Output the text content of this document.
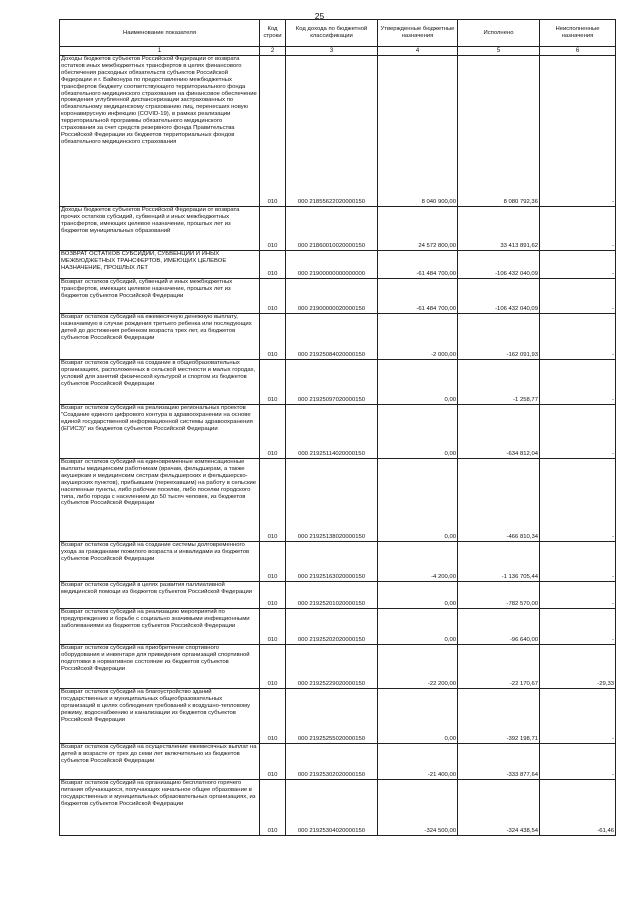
25
Наименование показателя	Код строки	Код дохода по бюджетной классификации	Утвержденные бюджетные назначения	Исполнено	Неисполненные назначения
1	2	3	4	5	6
Доходы бюджетов субъектов Российской Федерации от возврата остатков иных межбюджетных трансфертов в целях финансового обеспечения расходных обязательств субъектов Российской Федерации и г. Байконура по предоставлению межбюджетных трансфертов бюджету соответствующего территориального фонда обязательного медицинского страхования на финансовое обеспечение проведения углубленной диспансеризации застрахованных по обязательному медицинскому страхованию лиц, перенесших новую коронавирусную инфекцию (COVID-19), в рамках реализации территориальной программы обязательного медицинского страхования за счет средств резервного фонда Правительства Российской Федерации из бюджетов территориальных фондов обязательного медицинского страхования	010	000 21855622020000150	8 040 900,00	8 080 792,36	-
Доходы бюджетов субъектов Российской Федерации от возврата прочих остатков субсидий, субвенций и иных межбюджетных трансфертов, имеющих целевое назначение, прошлых лет из бюджетов муниципальных образований	010	000 21860010020000150	24 572 800,00	33 413 891,62	-
ВОЗВРАТ ОСТАТКОВ СУБСИДИЙ, СУБВЕНЦИЙ И ИНЫХ МЕЖБЮДЖЕТНЫХ ТРАНСФЕРТОВ, ИМЕЮЩИХ ЦЕЛЕВОЕ НАЗНАЧЕНИЕ, ПРОШЛЫХ ЛЕТ	010	000 21900000000000000	-61 484 700,00	-106 432 040,09	-
Возврат остатков субсидий, субвенций и иных межбюджетных трансфертов, имеющих целевое назначение, прошлых лет из бюджетов субъектов Российской Федерации	010	000 21900000020000150	-61 484 700,00	-106 432 040,09	-
Возврат остатков субсидий на ежемесячную денежную выплату, назначаемую в случае рождения третьего ребенка или последующих детей до достижения ребенком возраста трех лет, из бюджетов субъектов Российской Федерации	010	000 21925084020000150	-2 000,00	-162 091,93	-
Возврат остатков субсидий на создание в общеобразовательных организациях, расположенных в сельской местности и малых городах, условий для занятий физической культурой и спортом из бюджетов субъектов Российской Федерации	010	000 21925097020000150	0,00	-1 258,77	-
Возврат остатков субсидий на реализацию региональных проектов "Создание единого цифрового контура в здравоохранении на основе единой государственной информационной системы здравоохранения (ЕГИСЗ)" из бюджетов субъектов Российской Федерации	010	000 21925114020000150	0,00	-634 812,04	-
Возврат остатков субсидий на единовременные компенсационные выплаты медицинским работникам (врачам, фельдшерам, а также акушеркам и медицинским сестрам фельдшерских и фельдшерско-акушерских пунктов), прибывшим (переехавшим) на работу в сельские населенные пункты, либо рабочие поселки, либо поселки городского типа, либо города с населением до 50 тысяч человек, из бюджетов субъектов Российской Федерации	010	000 21925138020000150	0,00	-466 810,34	-
Возврат остатков субсидий на создание системы долговременного ухода за гражданами пожилого возраста и инвалидами из бюджетов субъектов Российской Федерации	010	000 21925163020000150	-4 200,00	-1 136 705,44	-
Возврат остатков субсидий в целях развития паллиативной медицинской помощи из бюджетов субъектов Российской Федерации	010	000 21925201020000150	0,00	-782 570,00	-
Возврат остатков субсидий на реализацию мероприятий по предупреждению и борьбе с социально значимыми инфекционными заболеваниями из бюджетов субъектов Российской Федерации	010	000 21925202020000150	0,00	-96 640,00	-
Возврат остатков субсидий на приобретение спортивного оборудования и инвентаря для приведения организаций спортивной подготовки в нормативное состояние из бюджетов субъектов Российской Федерации	010	000 21925229020000150	-22 200,00	-22 170,67	-29,33
Возврат остатков субсидий на благоустройство зданий государственных и муниципальных общеобразовательных организаций в целях соблюдения требований к воздушно-тепловому режиму, водоснабжению и канализации из бюджетов субъектов Российской Федерации	010	000 21925255020000150	0,00	-392 198,71	-
Возврат остатков субсидий на осуществление ежемесячных выплат на детей в возрасте от трех до семи лет включительно из бюджетов субъектов Российской Федерации	010	000 21925302020000150	-21 400,00	-333 877,64	-
Возврат остатков субсидий на организацию бесплатного горячего питания обучающихся, получающих начальное общее образование в государственных и муниципальных образовательных организациях, из бюджетов субъектов Российской Федерации	010	000 21925304020000150	-324 500,00	-324 438,54	-61,46
